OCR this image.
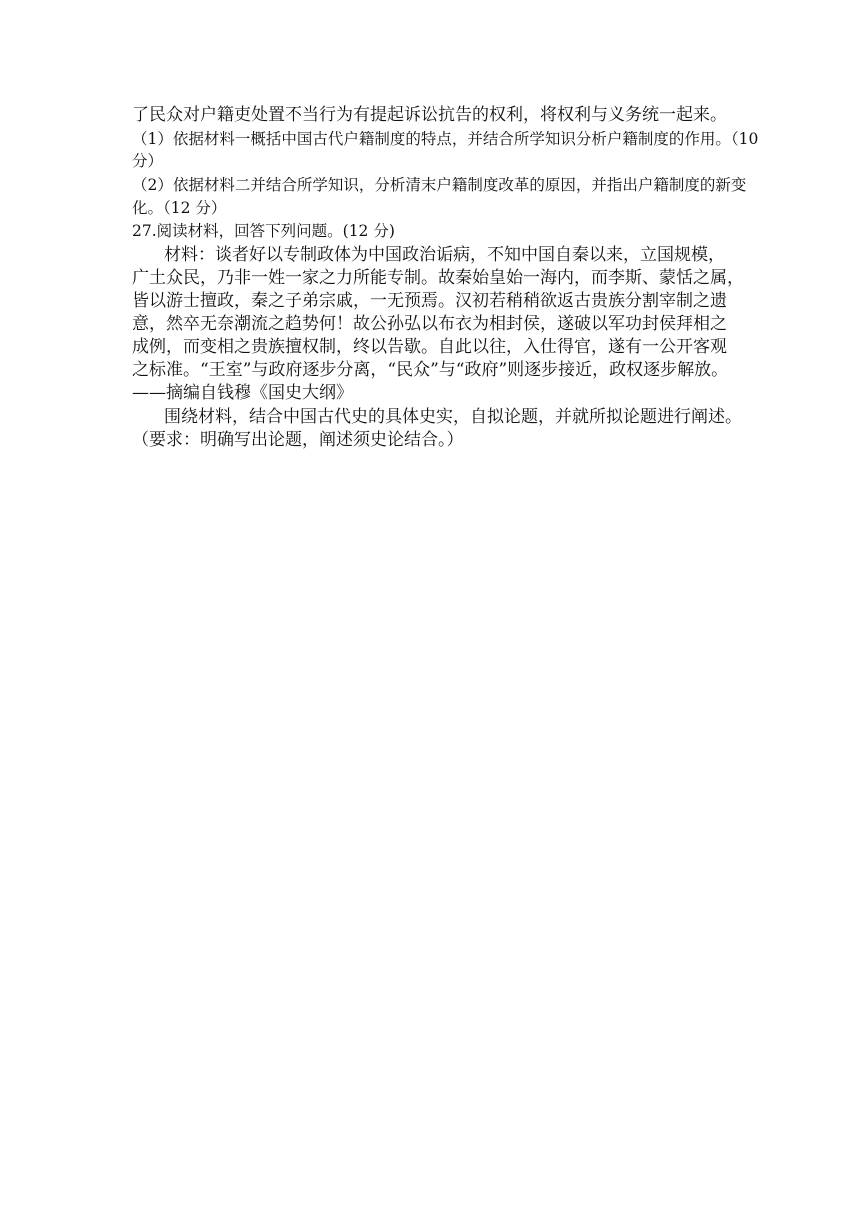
了民众对户籍吏处置不当行为有提起诉讼抗告的权利，将权利与义务统一起来。
（1）依据材料一概括中国古代户籍制度的特点，并结合所学知识分析户籍制度的作用。（10
分）
（2）依据材料二并结合所学知识，分析清末户籍制度改革的原因，并指出户籍制度的新变
化。（12 分）
27.阅读材料，回答下列问题。(12 分)
材料：谈者好以专制政体为中国政治诟病，不知中国自秦以来，立国规模，
广土众民，乃非一姓一家之力所能专制。故秦始皇始一海内，而李斯、蒙恬之属，
皆以游士擅政，秦之子弟宗戚，一无预焉。汉初若稍稍欲返古贵族分割宰制之遗
意，然卒无奈潮流之趋势何！故公孙弘以布衣为相封侯，遂破以军功封侯拜相之
成例，而变相之贵族擅权制，终以告歇。自此以往，入仕得官，遂有一公开客观
之标准。“王室”与政府逐步分离，“民众”与“政府”则逐步接近，政权逐步解放。
——摘编自钱穆《国史大纲》
围绕材料，结合中国古代史的具体史实，自拟论题，并就所拟论题进行阐述。
（要求：明确写出论题，阐述须史论结合。）
